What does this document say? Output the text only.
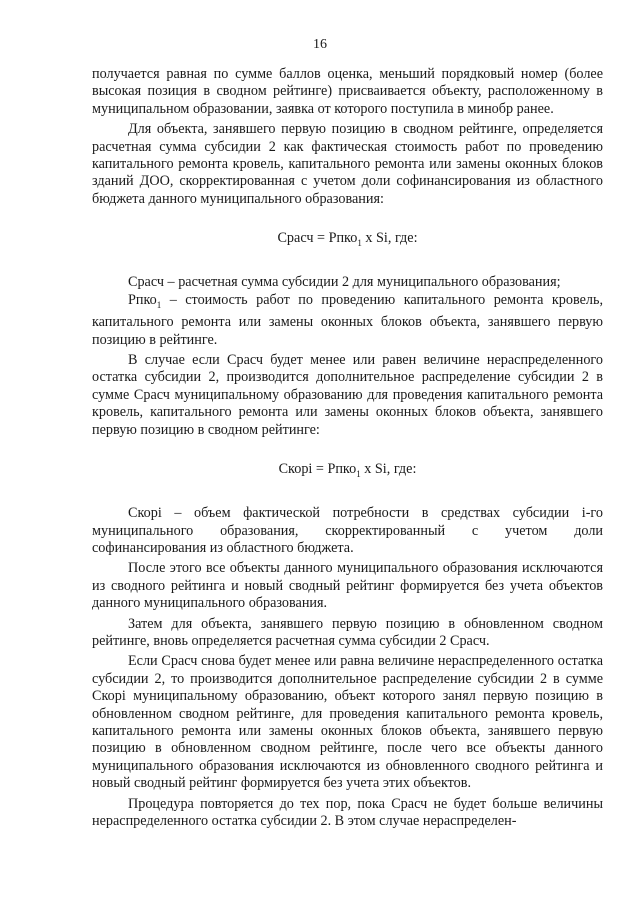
16

получается равная по сумме баллов оценка, меньший порядковый номер (более высокая позиция в сводном рейтинге) присваивается объекту, расположенному в муниципальном образовании, заявка от которого поступила в минобр ранее.

Для объекта, занявшего первую позицию в сводном рейтинге, определяется расчетная сумма субсидии 2 как фактическая стоимость работ по проведению капитального ремонта кровель, капитального ремонта или замены оконных блоков зданий ДОО, скорректированная с учетом доли софинансирования из областного бюджета данного муниципального образования:

Срасч = Рпко$_1$ х Si, где:

Срасч – расчетная сумма субсидии 2 для муниципального образования;

Рпко$_1$ – стоимость работ по проведению капитального ремонта кровель, капитального ремонта или замены оконных блоков объекта, занявшего первую позицию в рейтинге.

В случае если Срасч будет менее или равен величине нераспределенного остатка субсидии 2, производится дополнительное распределение субсидии 2 в сумме Срасч муниципальному образованию для проведения капитального ремонта кровель, капитального ремонта или замены оконных блоков объекта, занявшего первую позицию в сводном рейтинге:

Скорi = Рпко$_1$ х Si, где:

Скорi – объем фактической потребности в средствах субсидии i-го муниципального образования, скорректированный с учетом доли софинансирования из областного бюджета.

После этого все объекты данного муниципального образования исключаются из сводного рейтинга и новый сводный рейтинг формируется без учета объектов данного муниципального образования.

Затем для объекта, занявшего первую позицию в обновленном сводном рейтинге, вновь определяется расчетная сумма субсидии 2 Срасч.

Если Срасч снова будет менее или равна величине нераспределенного остатка субсидии 2, то производится дополнительное распределение субсидии 2 в сумме Скорi муниципальному образованию, объект которого занял первую позицию в обновленном сводном рейтинге, для проведения капитального ремонта кровель, капитального ремонта или замены оконных блоков объекта, занявшего первую позицию в обновленном сводном рейтинге, после чего все объекты данного муниципального образования исключаются из обновленного сводного рейтинга и новый сводный рейтинг формируется без учета этих объектов.

Процедура повторяется до тех пор, пока Срасч не будет больше величины нераспределенного остатка субсидии 2. В этом случае нераспределен-
